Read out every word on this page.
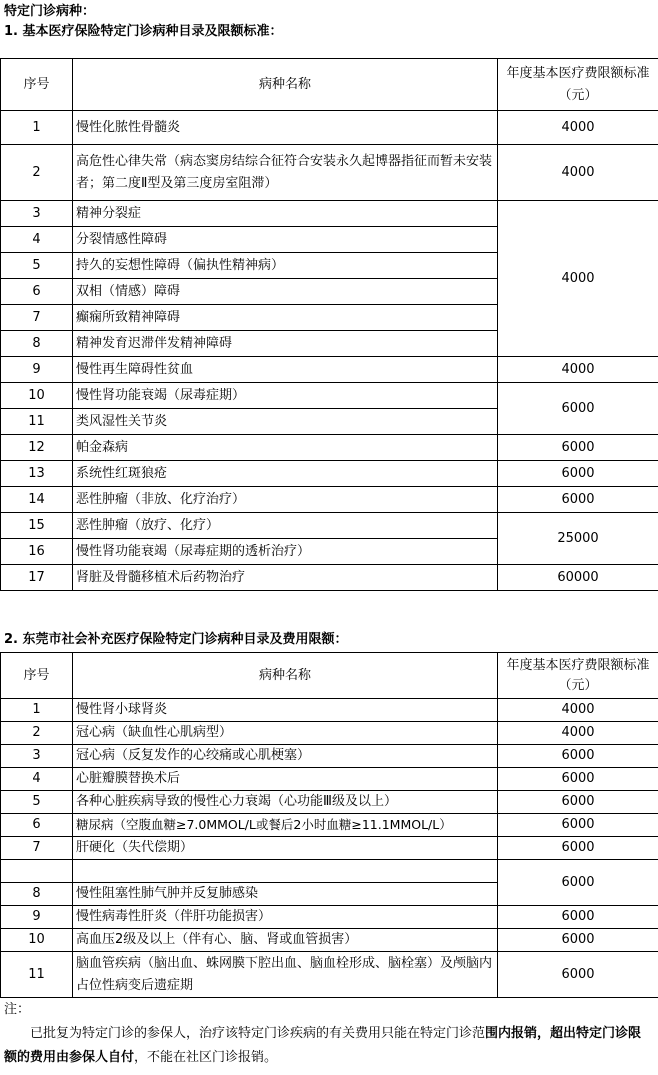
特定门诊病种：
1. 基本医疗保险特定门诊病种目录及限额标准：
序号	病种名称	年度基本医疗费限额标准（元）
1	慢性化脓性骨髓炎	4000
2	高危性心律失常（病态窦房结综合征符合安装永久起博器指征而暂未安装者；第二度Ⅱ型及第三度房室阻滞）	4000
3	精神分裂症	4000
4	分裂情感性障碍	
5	持久的妄想性障碍（偏执性精神病）	
6	双相（情感）障碍	
7	癫痫所致精神障碍	
8	精神发育迟滞伴发精神障碍	
9	慢性再生障碍性贫血	4000
10	慢性肾功能衰竭（尿毒症期）	6000
11	类风湿性关节炎	
12	帕金森病	6000
13	系统性红斑狼疮	6000
14	恶性肿瘤（非放、化疗治疗）	6000
15	恶性肿瘤（放疗、化疗）	25000
16	慢性肾功能衰竭（尿毒症期的透析治疗）	
17	肾脏及骨髓移植术后药物治疗	60000
2. 东莞市社会补充医疗保险特定门诊病种目录及费用限额：
序号	病种名称	年度基本医疗费限额标准（元）
1	慢性肾小球肾炎	4000
2	冠心病（缺血性心肌病型）	4000
3	冠心病（反复发作的心绞痛或心肌梗塞）	6000
4	心脏瓣膜替换术后	6000
5	各种心脏疾病导致的慢性心力衰竭（心功能Ⅲ级及以上）	6000
6	糖尿病（空腹血糖≥7.0MMOL/L或餐后2小时血糖≥11.1MMOL/L）	6000
7	肝硬化（失代偿期）	6000
		6000
8	慢性阻塞性肺气肿并反复肺感染	
9	慢性病毒性肝炎（伴肝功能损害）	6000
10	高血压2级及以上（伴有心、脑、肾或血管损害）	6000
11	脑血管疾病（脑出血、蛛网膜下腔出血、脑血栓形成、脑栓塞）及颅脑内占位性病变后遗症期	6000

注：

已批复为特定门诊的参保人，治疗该特定门诊疾病的有关费用只能在特定门诊范围内报销，超出特定门诊限额的费用由参保人自付，不能在社区门诊报销。
